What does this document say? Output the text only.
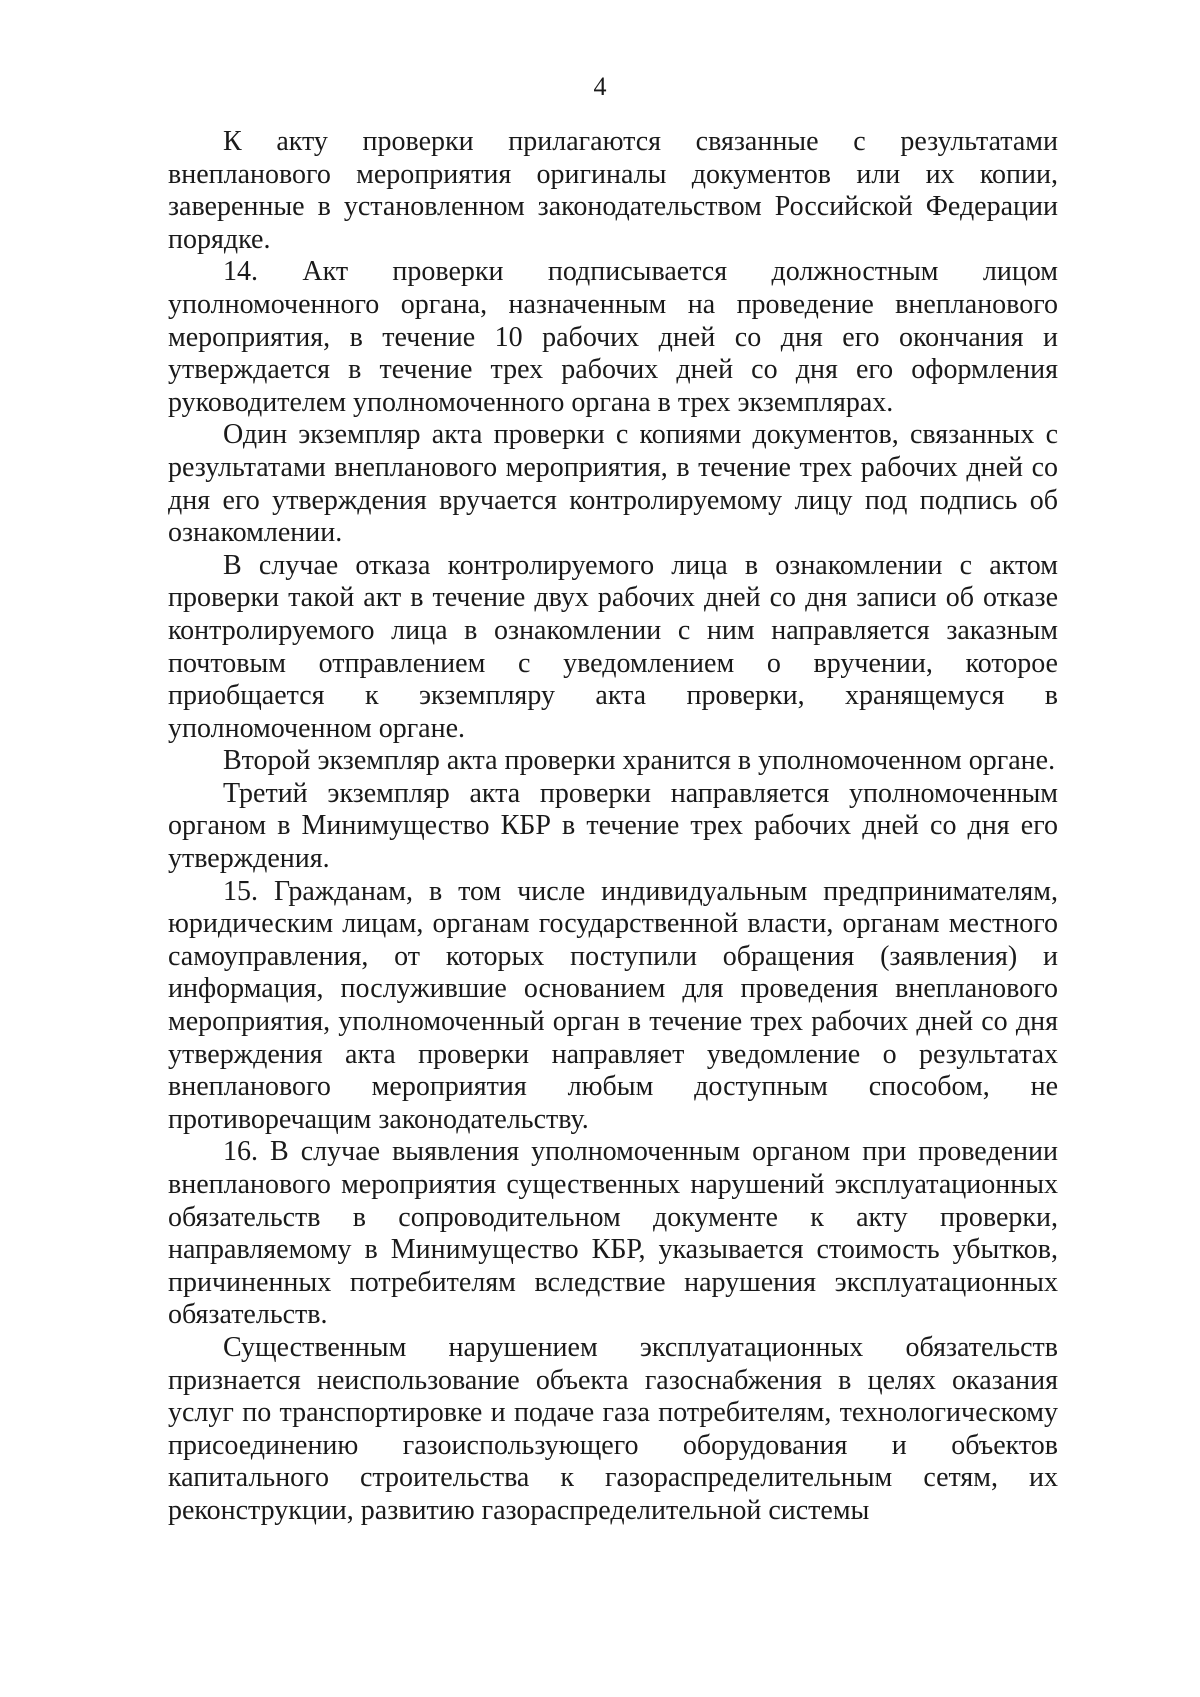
4

К акту проверки прилагаются связанные с результатами внепланового мероприятия оригиналы документов или их копии, заверенные в установленном законодательством Российской Федерации порядке.

14. Акт проверки подписывается должностным лицом уполномоченного органа, назначенным на проведение внепланового мероприятия, в течение 10 рабочих дней со дня его окончания и утверждается в течение трех рабочих дней со дня его оформления руководителем уполномоченного органа в трех экземплярах.

Один экземпляр акта проверки с копиями документов, связанных с результатами внепланового мероприятия, в течение трех рабочих дней со дня его утверждения вручается контролируемому лицу под подпись об ознакомлении.

В случае отказа контролируемого лица в ознакомлении с актом проверки такой акт в течение двух рабочих дней со дня записи об отказе контролируемого лица в ознакомлении с ним направляется заказным почтовым отправлением с уведомлением о вручении, которое приобщается к экземпляру акта проверки, хранящемуся в уполномоченном органе.

Второй экземпляр акта проверки хранится в уполномоченном органе.

Третий экземпляр акта проверки направляется уполномоченным органом в Минимущество КБР в течение трех рабочих дней со дня его утверждения.

15. Гражданам, в том числе индивидуальным предпринимателям, юридическим лицам, органам государственной власти, органам местного самоуправления, от которых поступили обращения (заявления) и информация, послужившие основанием для проведения внепланового мероприятия, уполномоченный орган в течение трех рабочих дней со дня утверждения акта проверки направляет уведомление о результатах внепланового мероприятия любым доступным способом, не противоречащим законодательству.

16. В случае выявления уполномоченным органом при проведении внепланового мероприятия существенных нарушений эксплуатационных обязательств в сопроводительном документе к акту проверки, направляемому в Минимущество КБР, указывается стоимость убытков, причиненных потребителям вследствие нарушения эксплуатационных обязательств.

Существенным нарушением эксплуатационных обязательств признается неиспользование объекта газоснабжения в целях оказания услуг по транспортировке и подаче газа потребителям, технологическому присоединению газоиспользующего оборудования и объектов капитального строительства к газораспределительным сетям, их реконструкции, развитию газораспределительной системы
